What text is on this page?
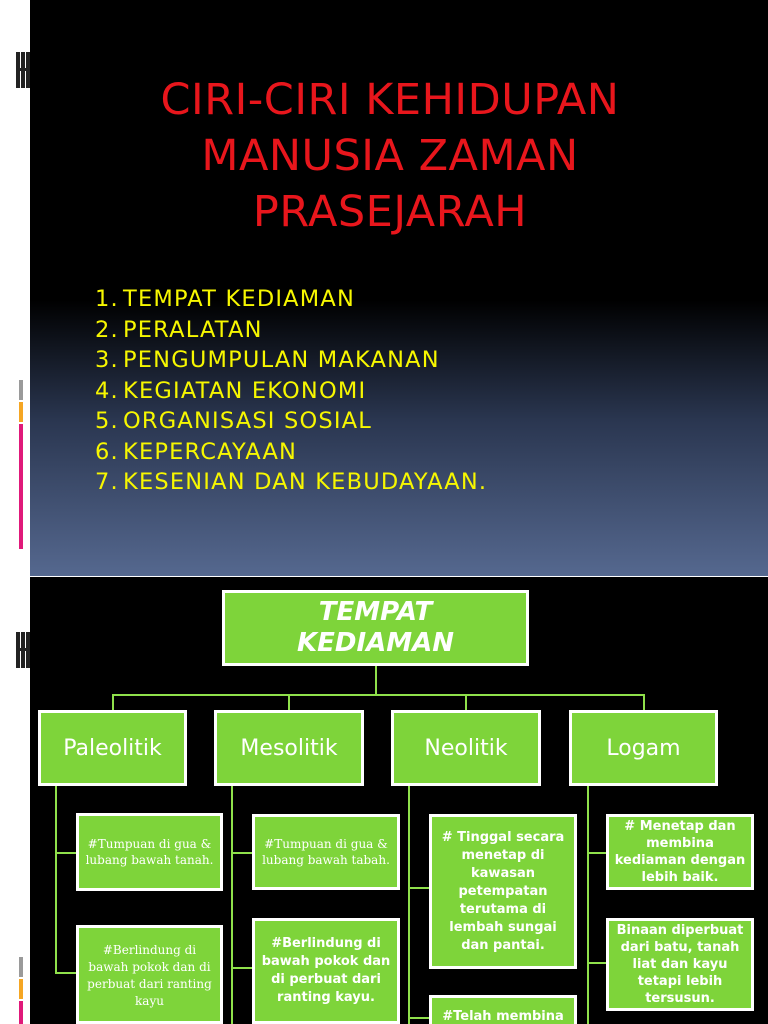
CIRI-CIRI KEHIDUPAN
MANUSIA ZAMAN
PRASEJARAH
1. TEMPAT KEDIAMAN
2. PERALATAN
3. PENGUMPULAN MAKANAN
4. KEGIATAN EKONOMI
5. ORGANISASI SOSIAL
6. KEPERCAYAAN
7. KESENIAN DAN KEBUDAYAAN.
TEMPAT
KEDIAMAN
Paleolitik	Mesolitik	Neolitik	Logam
#Tumpuan di gua & lubang bawah tanah.
#Berlindung di bawah pokok dan di perbuat dari ranting kayu
#Tumpuan di gua & lubang bawah tabah.
#Berlindung di bawah pokok dan di perbuat dari ranting kayu.
# Tinggal secara menetap di kawasan petempatan terutama di lembah sungai dan pantai.
#Telah membina
# Menetap dan membina kediaman dengan lebih baik.
Binaan diperbuat dari batu, tanah liat dan kayu tetapi lebih tersusun.
